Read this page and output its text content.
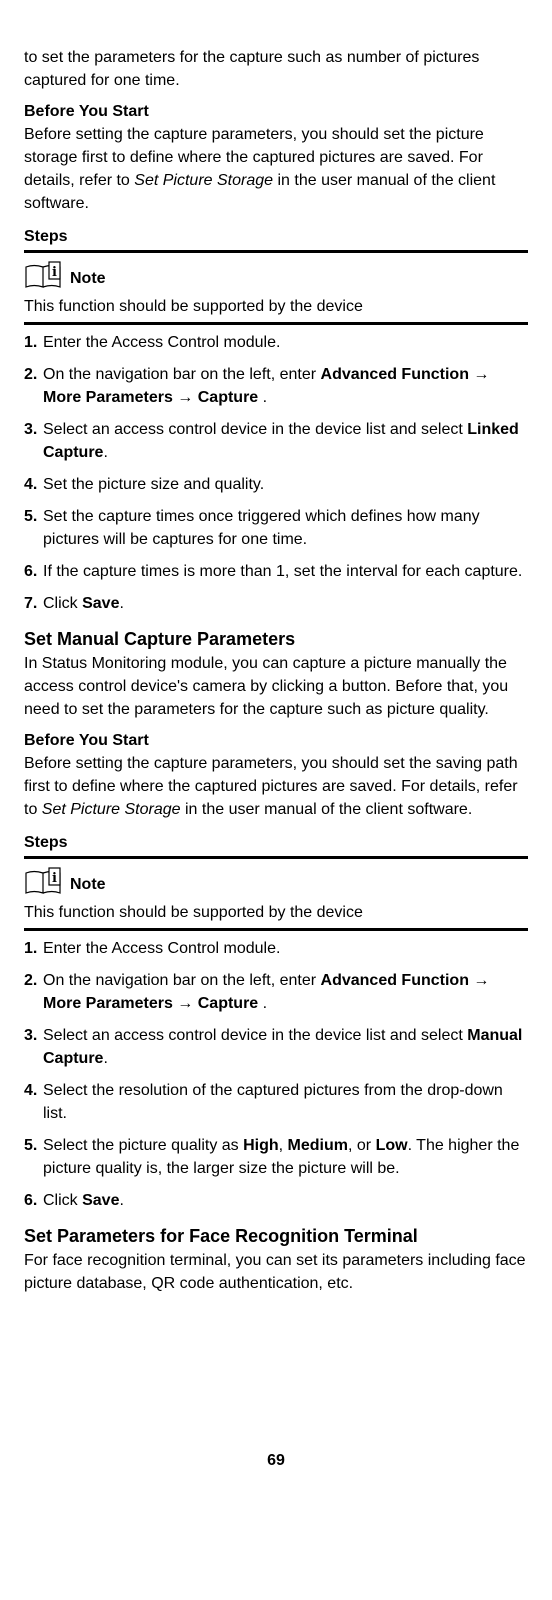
to set the parameters for the capture such as number of pictures captured for one time.

Before You Start

Before setting the capture parameters, you should set the picture storage first to define where the captured pictures are saved. For details, refer to Set Picture Storage in the user manual of the client software.

Steps
i Note

This function should be supported by the device

1. Enter the Access Control module.
2. On the navigation bar on the left, enter Advanced Function → More Parameters → Capture .
3. Select an access control device in the device list and select Linked Capture.
4. Set the picture size and quality.
5. Set the capture times once triggered which defines how many pictures will be captures for one time.
6. If the capture times is more than 1, set the interval for each capture.
7. Click Save.
Set Manual Capture Parameters

In Status Monitoring module, you can capture a picture manually the access control device's camera by clicking a button. Before that, you need to set the parameters for the capture such as picture quality.

Before You Start

Before setting the capture parameters, you should set the saving path first to define where the captured pictures are saved. For details, refer to Set Picture Storage in the user manual of the client software.

Steps
i Note

This function should be supported by the device

1. Enter the Access Control module.
2. On the navigation bar on the left, enter Advanced Function → More Parameters → Capture .
3. Select an access control device in the device list and select Manual Capture.
4. Select the resolution of the captured pictures from the drop-down list.
5. Select the picture quality as High, Medium, or Low. The higher the picture quality is, the larger size the picture will be.
6. Click Save.
Set Parameters for Face Recognition Terminal

For face recognition terminal, you can set its parameters including face picture database, QR code authentication, etc.

69
